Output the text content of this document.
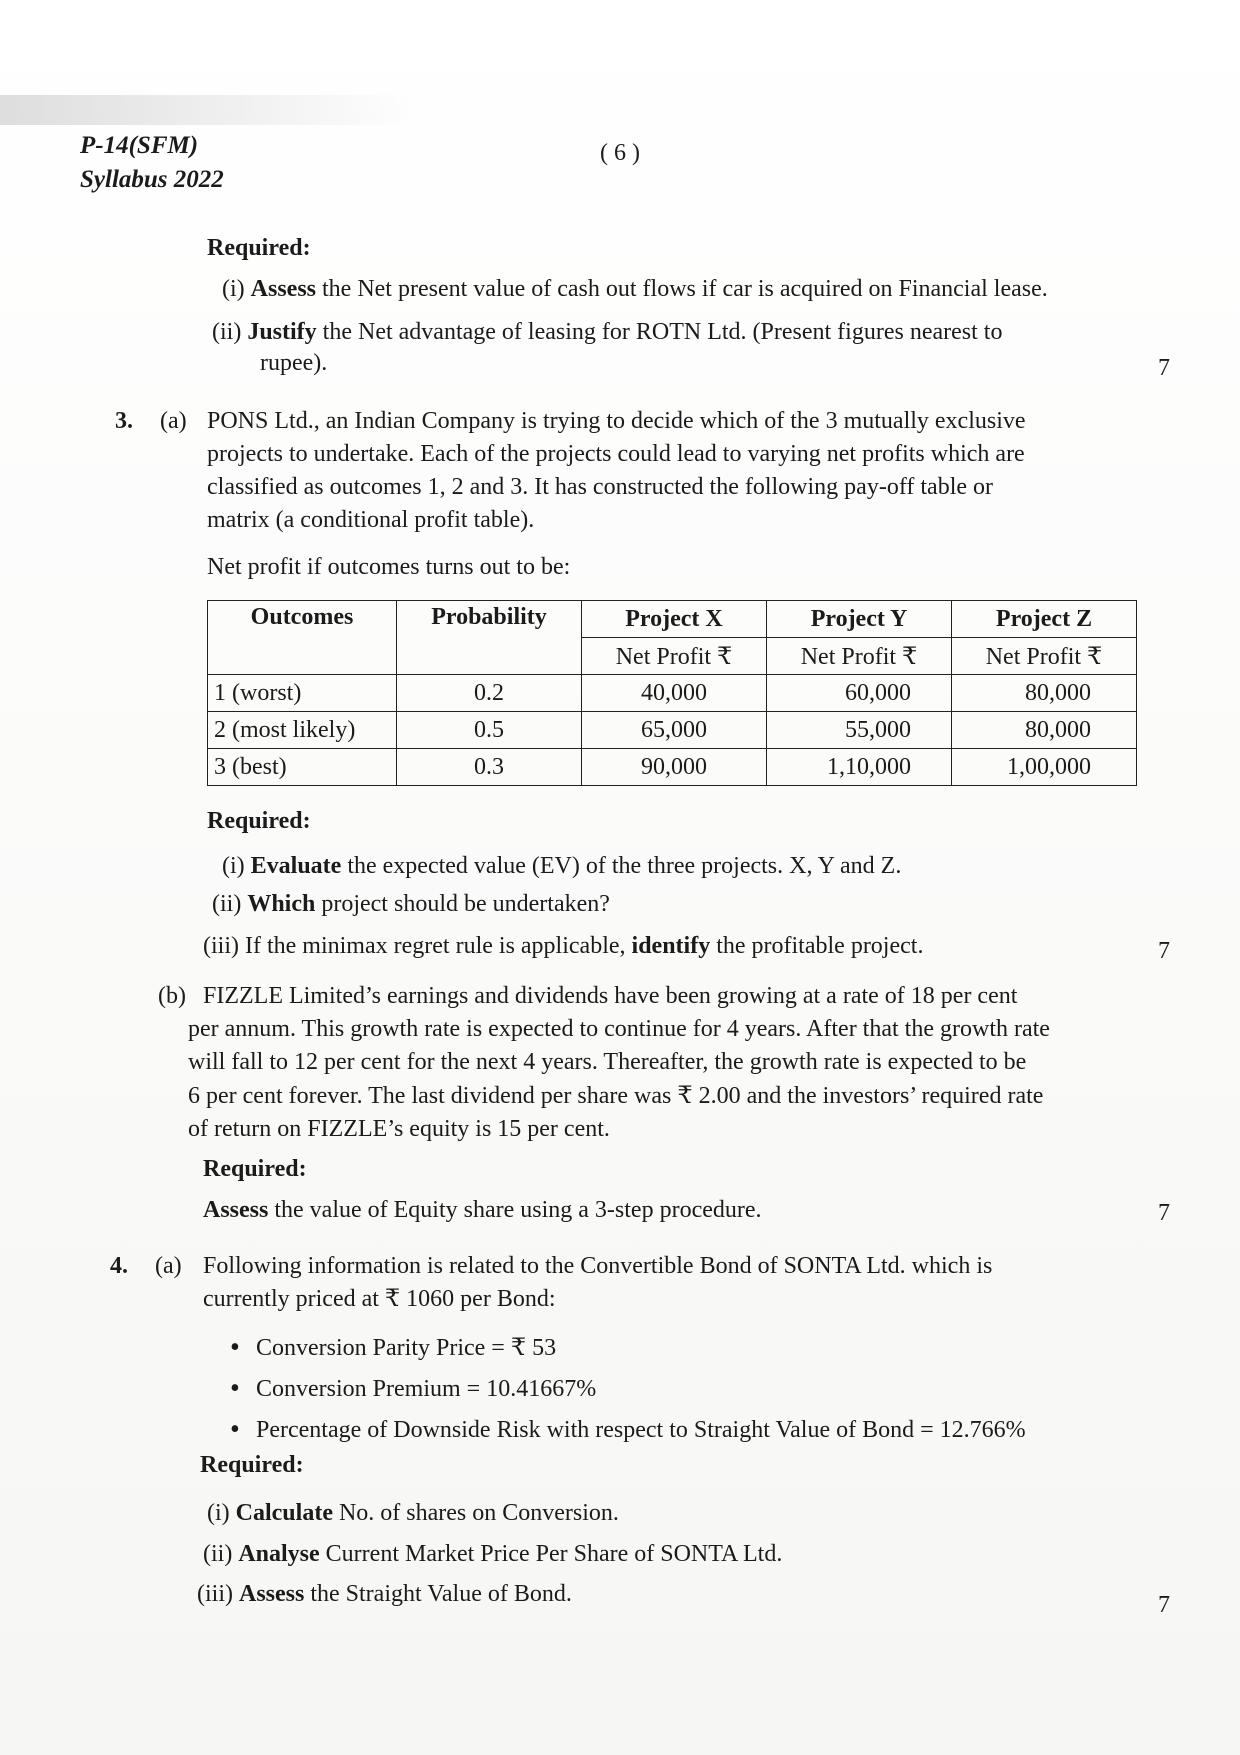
P-14(SFM)
Syllabus 2022
( 6 )
Required:
(i) Assess the Net present value of cash out flows if car is acquired on Financial lease.
(ii) Justify the Net advantage of leasing for ROTN Ltd. (Present figures nearest to
rupee).	7
3. (a) PONS Ltd., an Indian Company is trying to decide which of the 3 mutually exclusive
projects to undertake. Each of the projects could lead to varying net profits which are
classified as outcomes 1, 2 and 3. It has constructed the following pay-off table or
matrix (a conditional profit table).
Net profit if outcomes turns out to be:
Outcomes	Probability	Project X	Project Y	Project Z
		Net Profit ₹	Net Profit ₹	Net Profit ₹
1 (worst)	0.2	40,000	60,000	80,000
2 (most likely)	0.5	65,000	55,000	80,000
3 (best)	0.3	90,000	1,10,000	1,00,000
Required:
(i) Evaluate the expected value (EV) of the three projects. X, Y and Z.
(ii) Which project should be undertaken?
(iii) If the minimax regret rule is applicable, identify the profitable project.	7
(b) FIZZLE Limited’s earnings and dividends have been growing at a rate of 18 per cent
per annum. This growth rate is expected to continue for 4 years. After that the growth rate
will fall to 12 per cent for the next 4 years. Thereafter, the growth rate is expected to be
6 per cent forever. The last dividend per share was ₹ 2.00 and the investors’ required rate
of return on FIZZLE’s equity is 15 per cent.
Required:
Assess the value of Equity share using a 3-step procedure.	7
4. (a) Following information is related to the Convertible Bond of SONTA Ltd. which is
currently priced at ₹ 1060 per Bond:
• Conversion Parity Price = ₹ 53
• Conversion Premium = 10.41667%
• Percentage of Downside Risk with respect to Straight Value of Bond = 12.766%
Required:
(i) Calculate No. of shares on Conversion.
(ii) Analyse Current Market Price Per Share of SONTA Ltd.
(iii) Assess the Straight Value of Bond.	7
